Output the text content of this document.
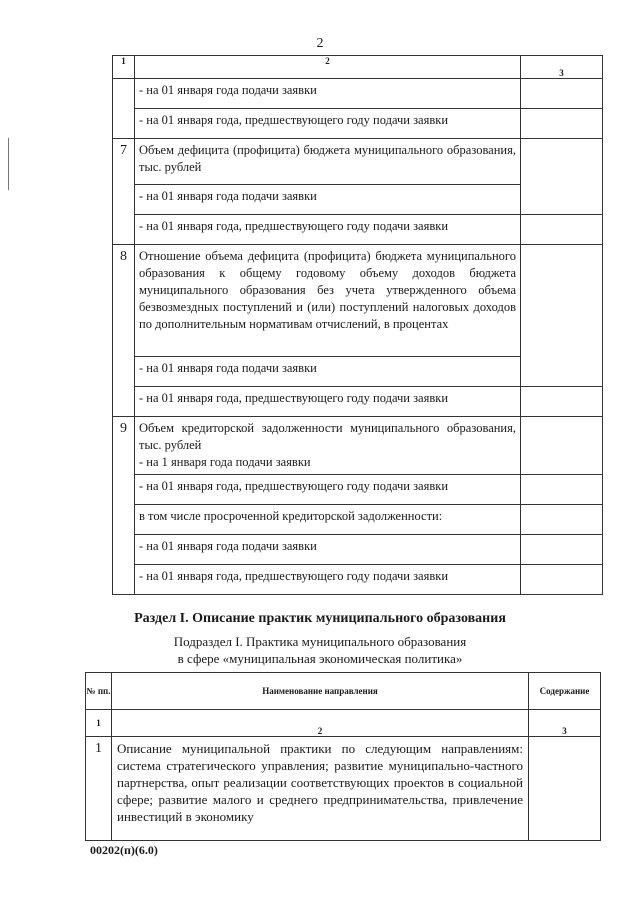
2
1	2	3
	- на 01 января года подачи заявки	
	- на 01 января года, предшествующего году подачи заявки	
7	Объем дефицита (профицита) бюджета муниципального образования, тыс. рублей	
	- на 01 января года подачи заявки	
	- на 01 января года, предшествующего году подачи заявки	
8	Отношение объема дефицита (профицита) бюджета муниципального образования к общему годовому объему доходов бюджета муниципального образования без учета утвержденного объема безвозмездных поступлений и (или) поступлений налоговых доходов по дополнительным нормативам отчислений, в процентах	
	- на 01 января года подачи заявки	
	- на 01 января года, предшествующего году подачи заявки	
9	Объем кредиторской задолженности муниципального образования, тыс. рублей
- на 1 января года подачи заявки	

	- на 01 января года, предшествующего году подачи заявки	
	в том числе просроченной кредиторской задолженности:	
	- на 01 января года подачи заявки	
	- на 01 января года, предшествующего году подачи заявки	
Раздел I. Описание практик муниципального образования
Подраздел I. Практика муниципального образования
в сфере «муниципальная экономическая политика»
№ пп.	Наименование направления	Содержание
1	2	3
1	Описание муниципальной практики по следующим направлениям: система стратегического управления; развитие муниципально-частного партнерства, опыт реализации соответствующих проектов в социальной сфере; развитие малого и среднего предпринимательства, привлечение инвестиций в экономику	
00202(п)(6.0)
